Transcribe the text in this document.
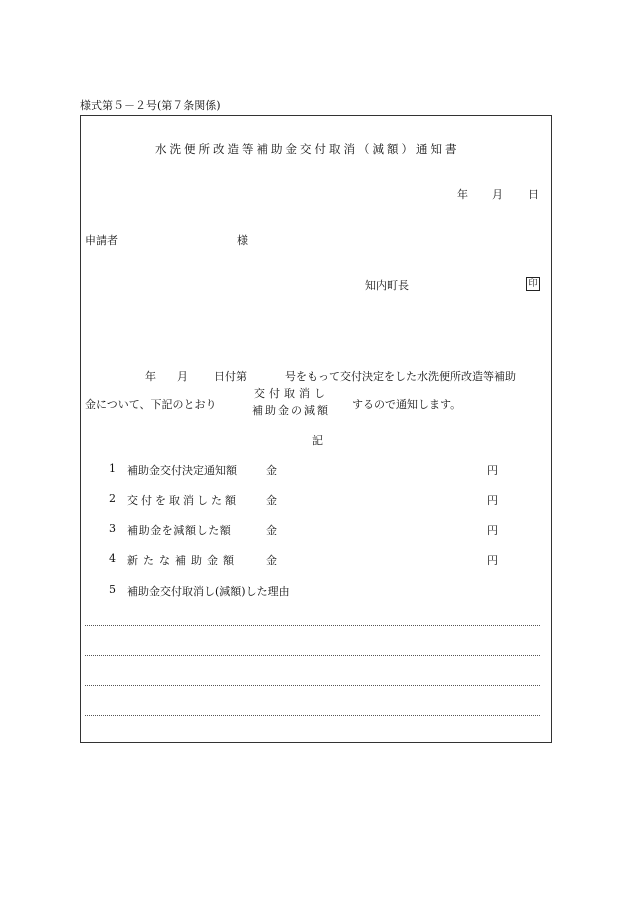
様式第５－２号(第７条関係)
水洗便所改造等補助金交付取消（減額）通知書
年 月 日
申請者	様
知内町長	印
年 月 日付第	号をもって交付決定をした水洗便所改造等補助
金について、下記のとおり
交付取消し
補助金の減額 するので通知します。
記
1 補助金交付決定通知額	金	円
2 交付を取消した額 金	円
3 補助金を減額した額	金	円
4 新たな補助金額 金	円
5 補助金交付取消し(減額)した理由
